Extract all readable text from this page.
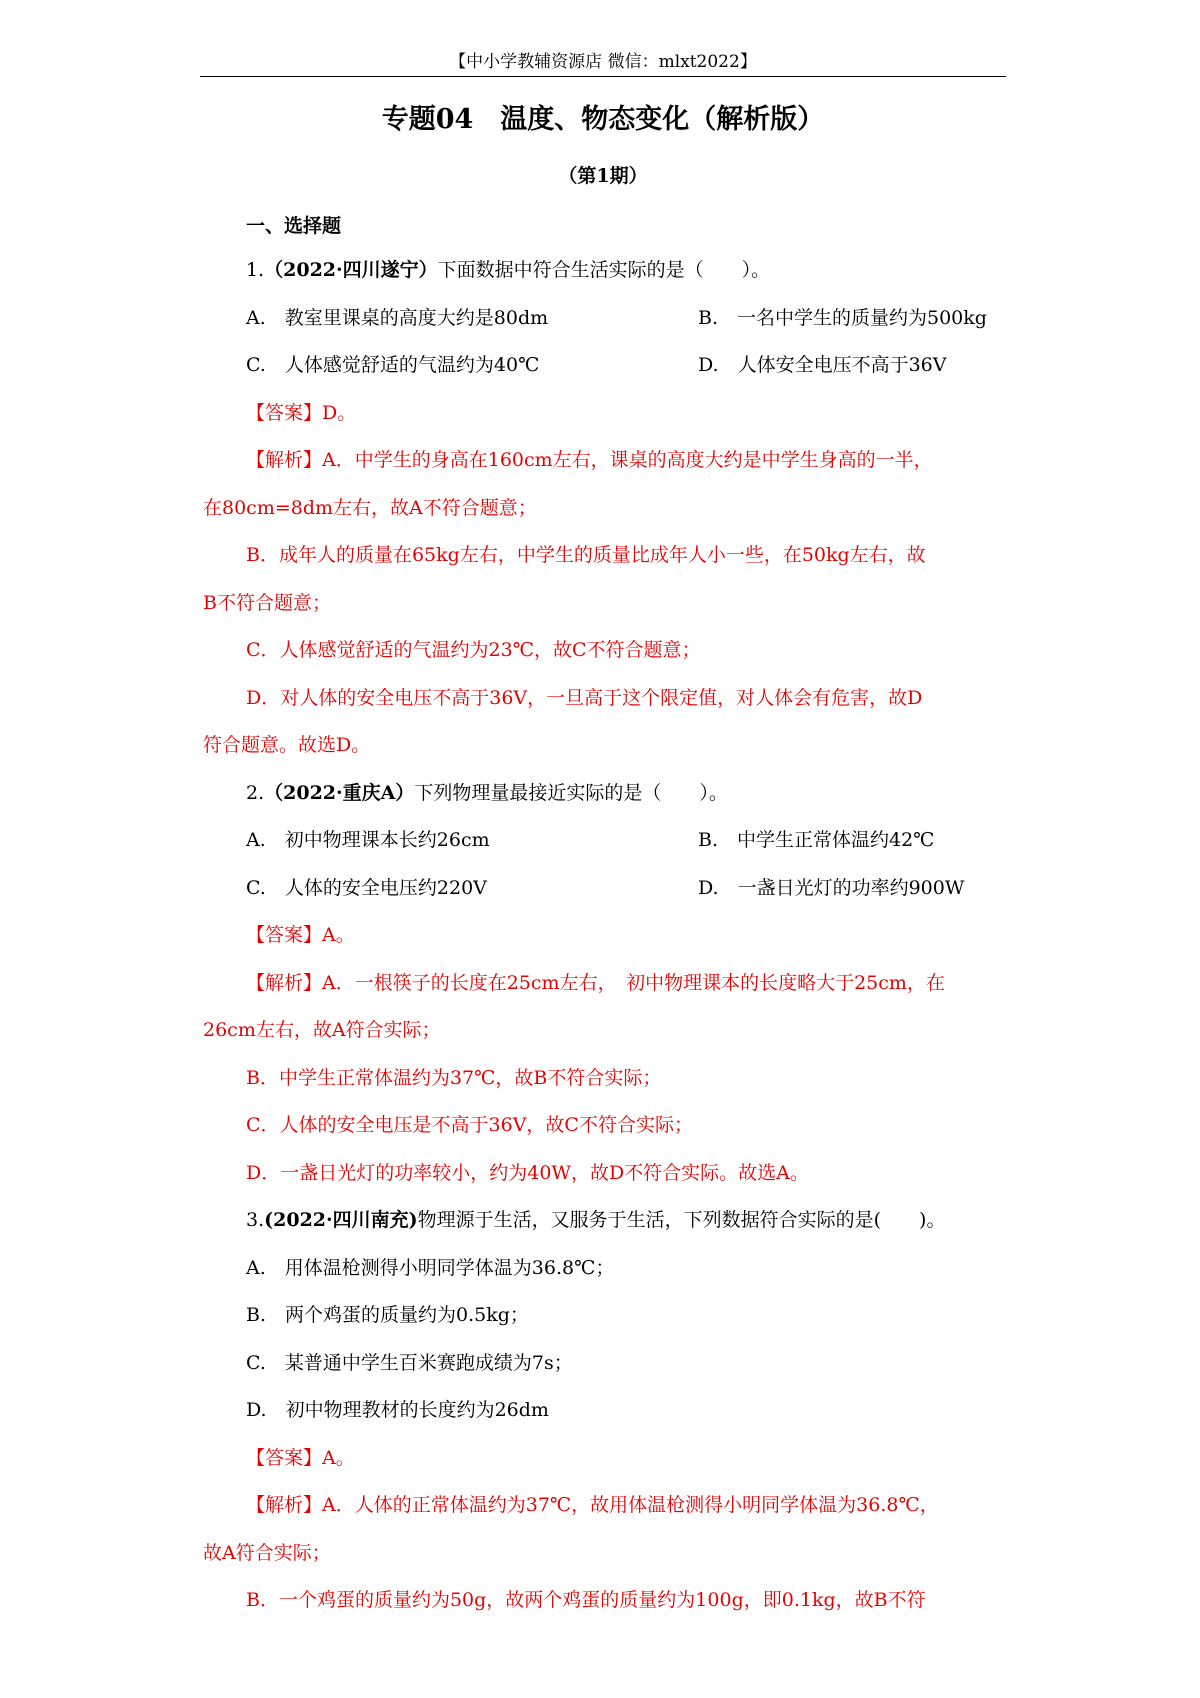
【中小学教辅资源店 微信：mlxt2022】
专题04　温度、物态变化（解析版）
（第1期）
一、选择题
1.（2022·四川遂宁）下面数据中符合生活实际的是（　　）。
A.　教室里课桌的高度大约是80dm	B.　一名中学生的质量约为500kg
C.　人体感觉舒适的气温约为40℃	D.　人体安全电压不高于36V
【答案】D。
【解析】A．中学生的身高在160cm左右，课桌的高度大约是中学生身高的一半，
在80cm=8dm左右，故A不符合题意；
B．成年人的质量在65kg左右，中学生的质量比成年人小一些，在50kg左右，故
B不符合题意；
C．人体感觉舒适的气温约为23℃，故C不符合题意；
D．对人体的安全电压不高于36V，一旦高于这个限定值，对人体会有危害，故D
符合题意。故选D。
2.（2022·重庆A）下列物理量最接近实际的是（　　）。
A.　初中物理课本长约26cm	B.　中学生正常体温约42℃
C.　人体的安全电压约220V	D.　一盏日光灯的功率约900W
【答案】A。
【解析】A．一根筷子的长度在25cm左右，　初中物理课本的长度略大于25cm，在
26cm左右，故A符合实际；
B．中学生正常体温约为37℃，故B不符合实际；
C．人体的安全电压是不高于36V，故C不符合实际；
D．一盏日光灯的功率较小，约为40W，故D不符合实际。故选A。
3.(2022·四川南充)物理源于生活，又服务于生活，下列数据符合实际的是(　　)。
A.　用体温枪测得小明同学体温为36.8℃；
B.　两个鸡蛋的质量约为0.5kg；
C.　某普通中学生百米赛跑成绩为7s；
D.　初中物理教材的长度约为26dm
【答案】A。
【解析】A．人体的正常体温约为37℃，故用体温枪测得小明同学体温为36.8℃，
故A符合实际；
B．一个鸡蛋的质量约为50g，故两个鸡蛋的质量约为100g，即0.1kg，故B不符
